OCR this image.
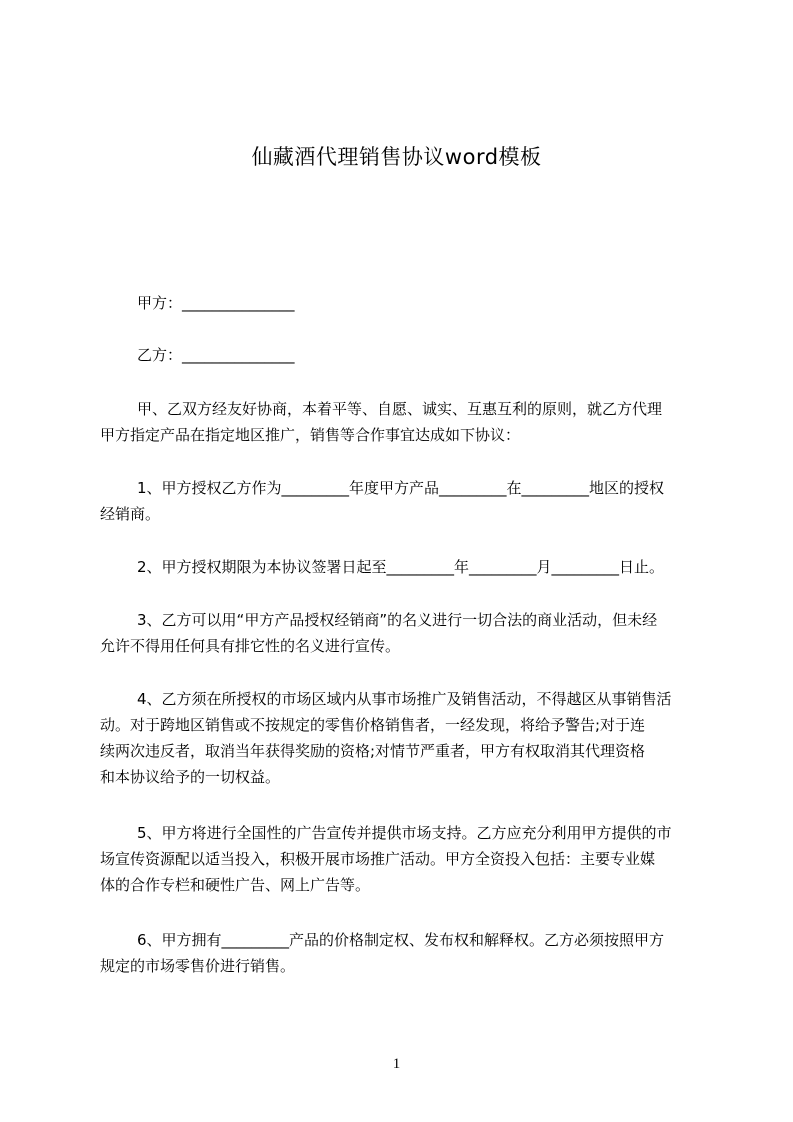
仙藏酒代理销售协议word模板
甲方：_______________
乙方：_______________
甲、乙双方经友好协商，本着平等、自愿、诚实、互惠互利的原则，就乙方代理
甲方指定产品在指定地区推广，销售等合作事宜达成如下协议：
1、甲方授权乙方作为_________年度甲方产品_________在_________地区的授权
经销商。
2、甲方授权期限为本协议签署日起至_________年_________月_________日止。
3、乙方可以用“甲方产品授权经销商”的名义进行一切合法的商业活动，但未经
允许不得用任何具有排它性的名义进行宣传。
4、乙方须在所授权的市场区域内从事市场推广及销售活动，不得越区从事销售活
动。对于跨地区销售或不按规定的零售价格销售者，一经发现，将给予警告;对于连
续两次违反者，取消当年获得奖励的资格;对情节严重者，甲方有权取消其代理资格
和本协议给予的一切权益。
5、甲方将进行全国性的广告宣传并提供市场支持。乙方应充分利用甲方提供的市
场宣传资源配以适当投入，积极开展市场推广活动。甲方全资投入包括：主要专业媒
体的合作专栏和硬性广告、网上广告等。
6、甲方拥有_________产品的价格制定权、发布权和解释权。乙方必须按照甲方
规定的市场零售价进行销售。
1
